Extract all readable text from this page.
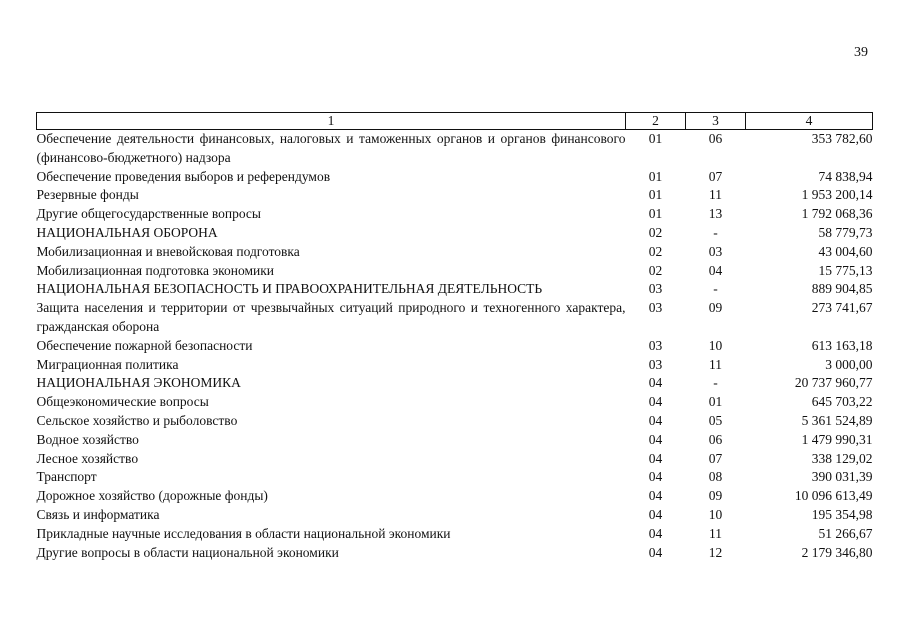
39
1	2	3	4
Обеспечение деятельности финансовых, налоговых и таможенных органов и органов финансового (финансово-бюджетного) надзора	01	06	353 782,60
Обеспечение проведения выборов и референдумов	01	07	74 838,94
Резервные фонды	01	11	1 953 200,14
Другие общегосударственные вопросы	01	13	1 792 068,36
НАЦИОНАЛЬНАЯ ОБОРОНА	02	-	58 779,73
Мобилизационная и вневойсковая подготовка	02	03	43 004,60
Мобилизационная подготовка экономики	02	04	15 775,13
НАЦИОНАЛЬНАЯ БЕЗОПАСНОСТЬ И ПРАВООХРАНИТЕЛЬНАЯ ДЕЯТЕЛЬНОСТЬ	03	-	889 904,85
Защита населения и территории от чрезвычайных ситуаций природного и техногенного характера, гражданская оборона	03	09	273 741,67
Обеспечение пожарной безопасности	03	10	613 163,18
Миграционная политика	03	11	3 000,00
НАЦИОНАЛЬНАЯ ЭКОНОМИКА	04	-	20 737 960,77
Общеэкономические вопросы	04	01	645 703,22
Сельское хозяйство и рыболовство	04	05	5 361 524,89
Водное хозяйство	04	06	1 479 990,31
Лесное хозяйство	04	07	338 129,02
Транспорт	04	08	390 031,39
Дорожное хозяйство (дорожные фонды)	04	09	10 096 613,49
Связь и информатика	04	10	195 354,98
Прикладные научные исследования в области национальной экономики	04	11	51 266,67
Другие вопросы в области национальной экономики	04	12	2 179 346,80
